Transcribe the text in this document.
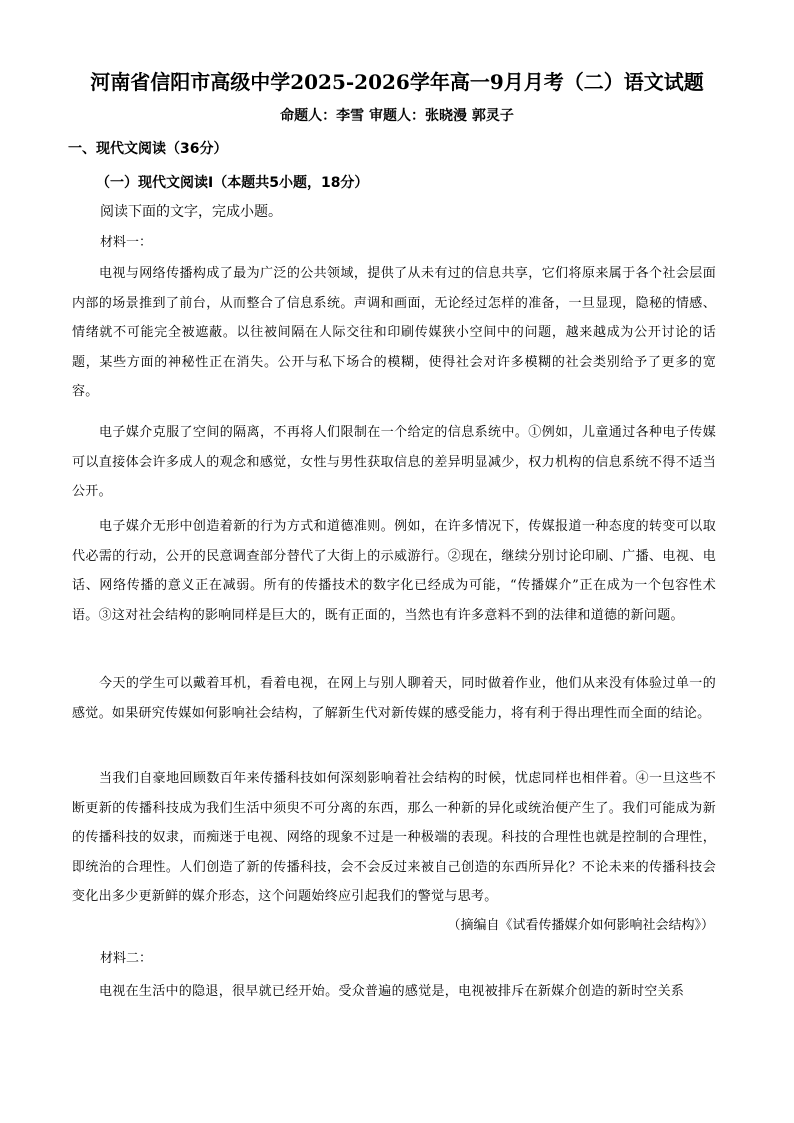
河南省信阳市高级中学2025-2026学年高一9月月考（二）语文试题
命题人：李雪 审题人：张晓漫 郭灵子
一、现代文阅读（36分）
（一）现代文阅读Ⅰ（本题共5小题，18分）
阅读下面的文字，完成小题。
材料一：
电视与网络传播构成了最为广泛的公共领域，提供了从未有过的信息共享，它们将原来属于各个社会层面内部的场景推到了前台，从而整合了信息系统。声调和画面，无论经过怎样的准备，一旦显现，隐秘的情感、情绪就不可能完全被遮蔽。以往被间隔在人际交往和印刷传媒狭小空间中的问题，越来越成为公开讨论的话题，某些方面的神秘性正在消失。公开与私下场合的模糊，使得社会对许多模糊的社会类别给予了更多的宽容。
电子媒介克服了空间的隔离，不再将人们限制在一个给定的信息系统中。①例如，儿童通过各种电子传媒可以直接体会许多成人的观念和感觉，女性与男性获取信息的差异明显减少，权力机构的信息系统不得不适当公开。
电子媒介无形中创造着新的行为方式和道德准则。例如，在许多情况下，传媒报道一种态度的转变可以取代必需的行动，公开的民意调查部分替代了大街上的示威游行。②现在，继续分别讨论印刷、广播、电视、电话、网络传播的意义正在减弱。所有的传播技术的数字化已经成为可能，“传播媒介”正在成为一个包容性术语。③这对社会结构的影响同样是巨大的，既有正面的，当然也有许多意料不到的法律和道德的新问题。
今天的学生可以戴着耳机，看着电视，在网上与别人聊着天，同时做着作业，他们从来没有体验过单一的感觉。如果研究传媒如何影响社会结构，了解新生代对新传媒的感受能力，将有利于得出理性而全面的结论。
当我们自豪地回顾数百年来传播科技如何深刻影响着社会结构的时候，忧虑同样也相伴着。④一旦这些不断更新的传播科技成为我们生活中须臾不可分离的东西，那么一种新的异化或统治便产生了。我们可能成为新的传播科技的奴隶，而痴迷于电视、网络的现象不过是一种极端的表现。科技的合理性也就是控制的合理性，即统治的合理性。人们创造了新的传播科技，会不会反过来被自己创造的东西所异化？不论未来的传播科技会变化出多少更新鲜的媒介形态，这个问题始终应引起我们的警觉与思考。
（摘编自《试看传播媒介如何影响社会结构》）
材料二：
电视在生活中的隐退，很早就已经开始。受众普遍的感觉是，电视被排斥在新媒介创造的新时空关系
